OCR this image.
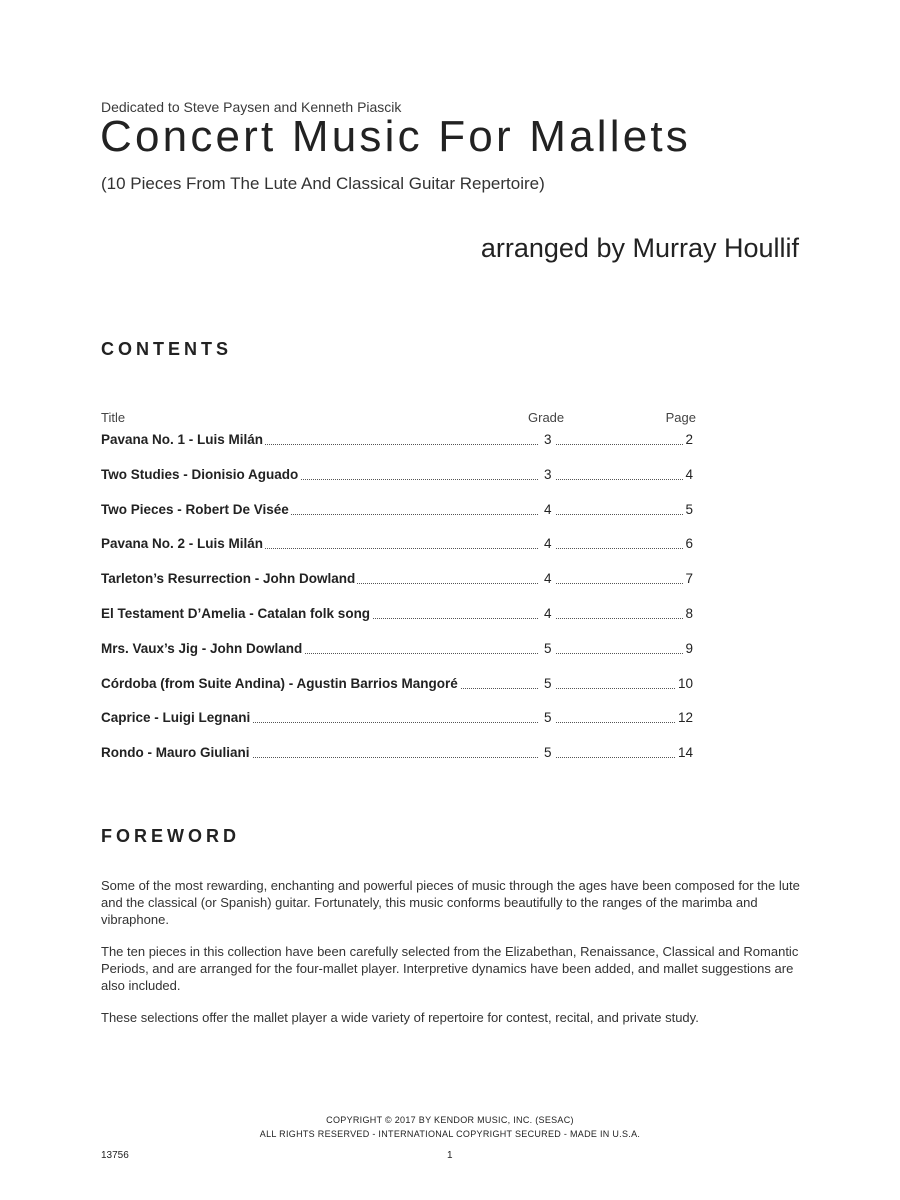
Dedicated to Steve Paysen and Kenneth Piascik
Concert Music For Mallets
(10 Pieces From The Lute And Classical Guitar Repertoire)
arranged by Murray Houllif
CONTENTS
Title	Grade	Page
Pavana No. 1 - Luis Milán	3	2
Two Studies - Dionisio Aguado	3	4
Two Pieces - Robert De Visée	4	5
Pavana No. 2 - Luis Milán	4	6
Tarleton’s Resurrection - John Dowland	4	7
El Testament D’Amelia - Catalan folk song	4	8
Mrs. Vaux’s Jig - John Dowland	5	9
Córdoba (from Suite Andina) - Agustin Barrios Mangoré	5	10
Caprice - Luigi Legnani	5	12
Rondo - Mauro Giuliani	5	14
FOREWORD

Some of the most rewarding, enchanting and powerful pieces of music through the ages have been composed for the lute and the classical (or Spanish) guitar. Fortunately, this music conforms beautifully to the ranges of the marimba and vibraphone.

The ten pieces in this collection have been carefully selected from the Elizabethan, Renaissance, Classical and Romantic Periods, and are arranged for the four-mallet player. Interpretive dynamics have been added, and mallet suggestions are also included.

These selections offer the mallet player a wide variety of repertoire for contest, recital, and private study.

COPYRIGHT © 2017 BY KENDOR MUSIC, INC. (SESAC)
ALL RIGHTS RESERVED - INTERNATIONAL COPYRIGHT SECURED - MADE IN U.S.A.
13756	1
